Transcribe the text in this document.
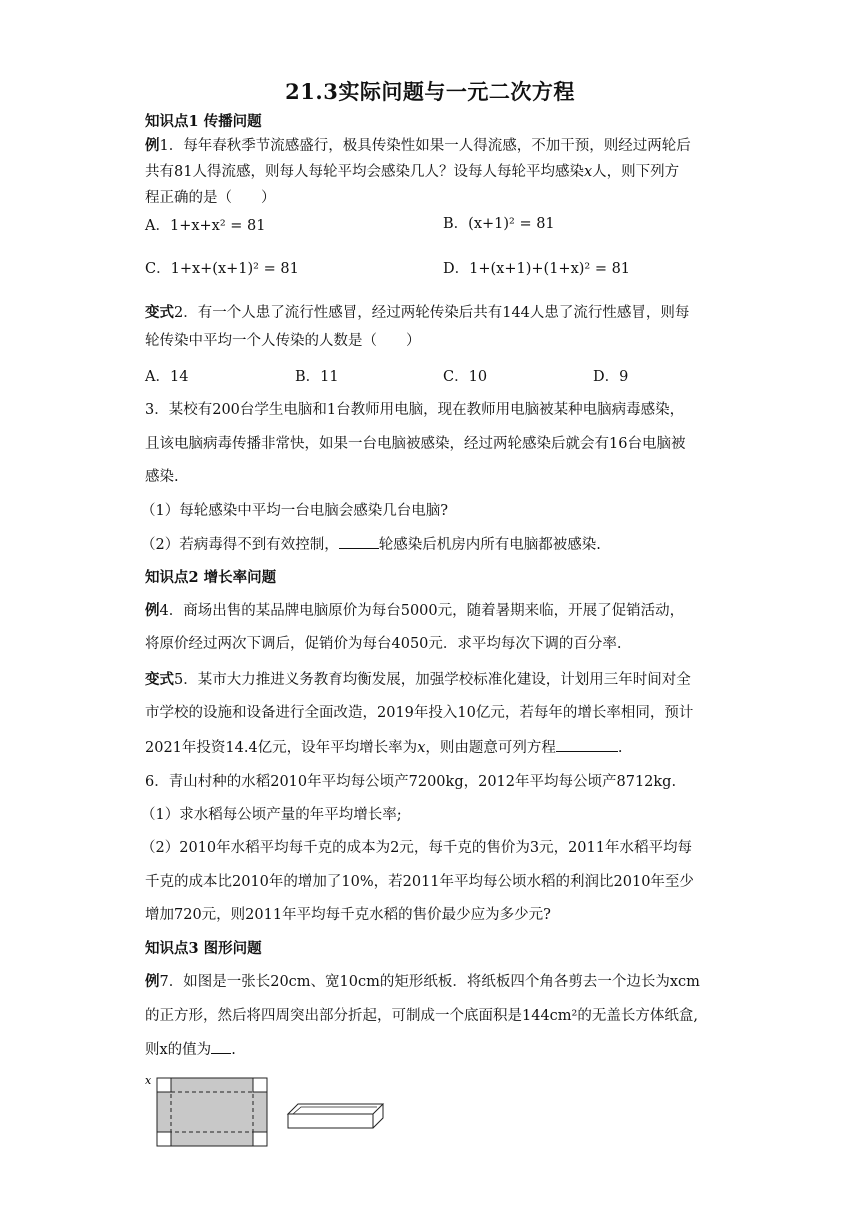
21.3实际问题与一元二次方程
知识点1 传播问题
例1．每年春秋季节流感盛行，极具传染性如果一人得流感，不加干预，则经过两轮后
共有81人得流感，则每人每轮平均会感染几人？设每人每轮平均感染x人，则下列方
程正确的是（　　）
A．1+x+x² = 81	B．(x+1)² = 81
C．1+x+(x+1)² = 81	D．1+(x+1)+(1+x)² = 81
变式2．有一个人患了流行性感冒，经过两轮传染后共有144人患了流行性感冒，则每
轮传染中平均一个人传染的人数是（　　）
A．14	B．11	C．10	D．9
3．某校有200台学生电脑和1台教师用电脑，现在教师用电脑被某种电脑病毒感染，
且该电脑病毒传播非常快，如果一台电脑被感染，经过两轮感染后就会有16台电脑被
感染.
（1）每轮感染中平均一台电脑会感染几台电脑?
（2）若病毒得不到有效控制，	轮感染后机房内所有电脑都被感染.
知识点2 增长率问题
例4．商场出售的某品牌电脑原价为每台5000元，随着暑期来临，开展了促销活动，
将原价经过两次下调后，促销价为每台4050元．求平均每次下调的百分率.
变式5．某市大力推进义务教育均衡发展，加强学校标准化建设，计划用三年时间对全
市学校的设施和设备进行全面改造，2019年投入10亿元，若每年的增长率相同，预计
2021年投资14.4亿元，设年平均增长率为x，则由题意可列方程	.
6．青山村种的水稻2010年平均每公顷产7200kg，2012年平均每公顷产8712kg.
（1）求水稻每公顷产量的年平均增长率;
（2）2010年水稻平均每千克的成本为2元，每千克的售价为3元，2011年水稻平均每
千克的成本比2010年的增加了10%，若2011年平均每公顷水稻的利润比2010年至少
增加720元，则2011年平均每千克水稻的售价最少应为多少元?
知识点3 图形问题
例7．如图是一张长20cm、宽10cm的矩形纸板．将纸板四个角各剪去一个边长为xcm
的正方形，然后将四周突出部分折起，可制成一个底面积是144cm²的无盖长方体纸盒,
则x的值为 .
x
